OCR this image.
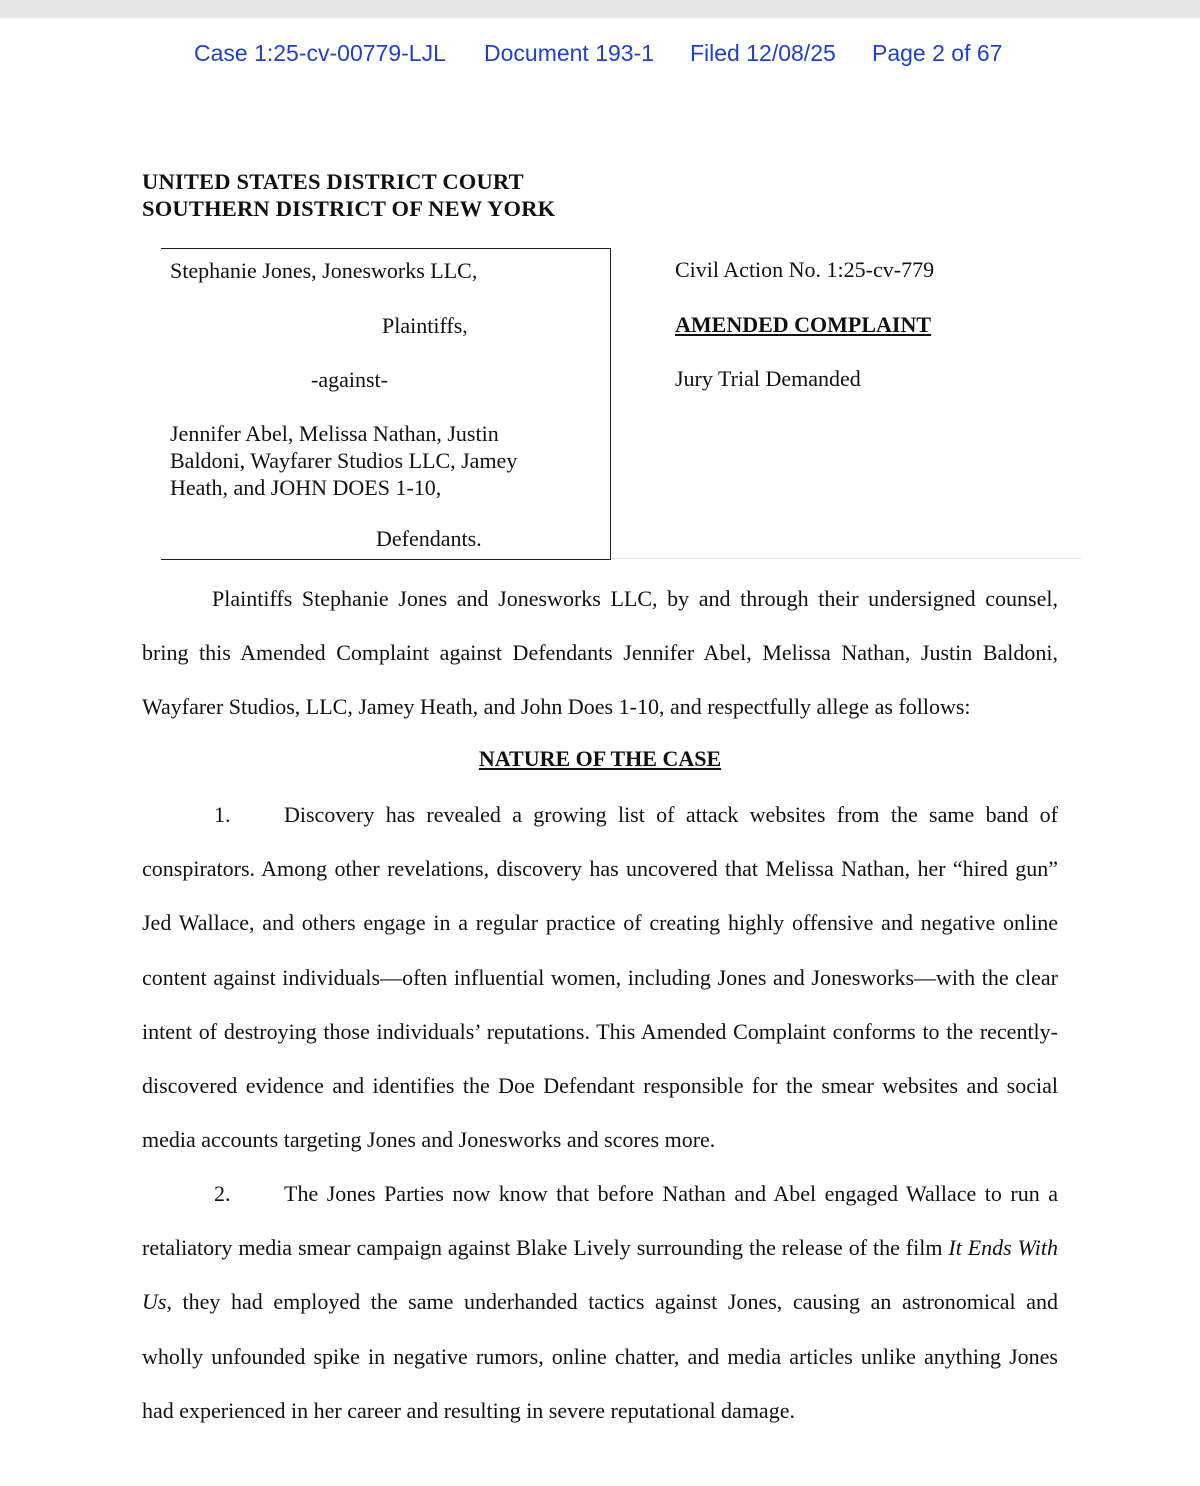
Case 1:25-cv-00779-LJL Document 193-1 Filed 12/08/25 Page 2 of 67
UNITED STATES DISTRICT COURT
SOUTHERN DISTRICT OF NEW YORK
Stephanie Jones, Jonesworks LLC,
Plaintiffs,
-against-
Jennifer Abel, Melissa Nathan, Justin
Baldoni, Wayfarer Studios LLC, Jamey
Heath, and JOHN DOES 1-10,
Defendants.
Civil Action No. 1:25-cv-779
AMENDED COMPLAINT
Jury Trial Demanded
Plaintiffs Stephanie Jones and Jonesworks LLC, by and through their undersigned counsel, bring this Amended Complaint against Defendants Jennifer Abel, Melissa Nathan, Justin Baldoni, Wayfarer Studios, LLC, Jamey Heath, and John Does 1-10, and respectfully allege as follows:
NATURE OF THE CASE
1. Discovery has revealed a growing list of attack websites from the same band of conspirators. Among other revelations, discovery has uncovered that Melissa Nathan, her “hired gun” Jed Wallace, and others engage in a regular practice of creating highly offensive and negative online content against individuals—often influential women, including Jones and Jonesworks—with the clear intent of destroying those individuals’ reputations. This Amended Complaint conforms to the recently-discovered evidence and identifies the Doe Defendant responsible for the smear websites and social media accounts targeting Jones and Jonesworks and scores more.
2. The Jones Parties now know that before Nathan and Abel engaged Wallace to run a retaliatory media smear campaign against Blake Lively surrounding the release of the film It Ends With Us, they had employed the same underhanded tactics against Jones, causing an astronomical and wholly unfounded spike in negative rumors, online chatter, and media articles unlike anything Jones had experienced in her career and resulting in severe reputational damage.
